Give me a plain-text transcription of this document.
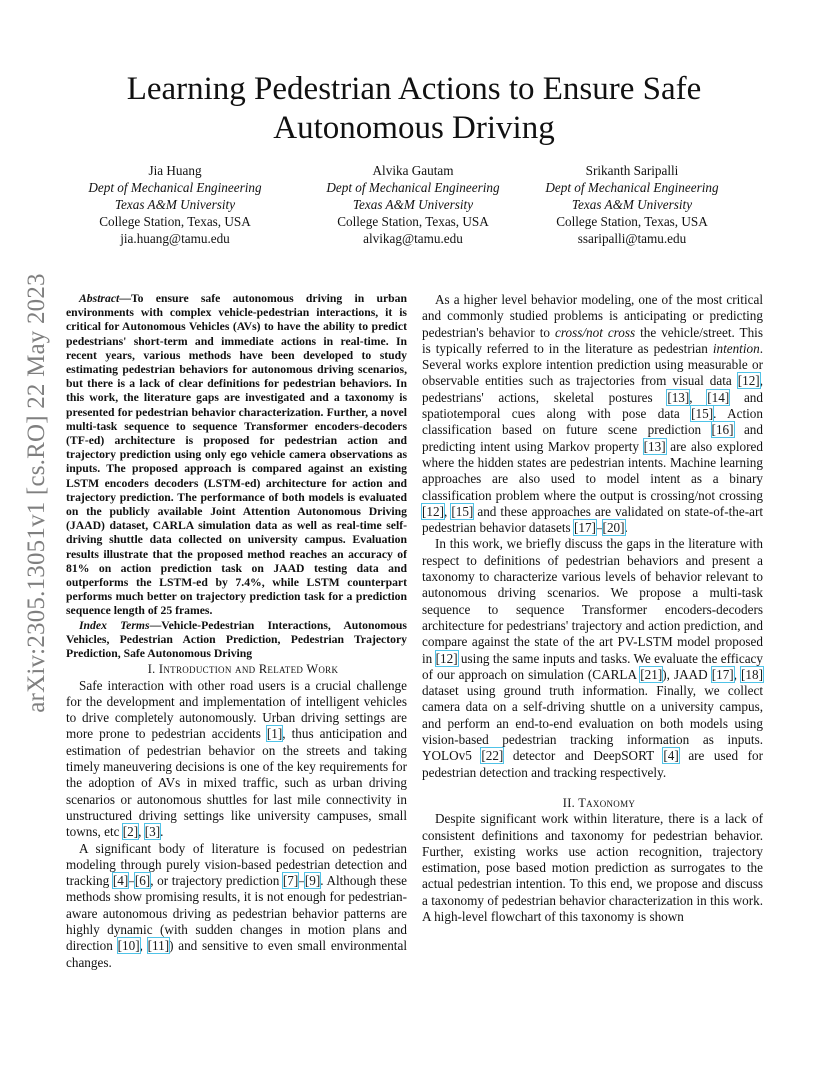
Learning Pedestrian Actions to Ensure Safe Autonomous Driving
Jia Huang
Dept of Mechanical Engineering
Texas A&M University
College Station, Texas, USA
jia.huang@tamu.edu
Alvika Gautam
Dept of Mechanical Engineering
Texas A&M University
College Station, Texas, USA
alvikag@tamu.edu
Srikanth Saripalli
Dept of Mechanical Engineering
Texas A&M University
College Station, Texas, USA
ssaripalli@tamu.edu
arXiv:2305.13051v1 [cs.RO] 22 May 2023	Abstract—To ensure safe autonomous driving in urban environments with complex vehicle-pedestrian interactions, it is critical for Autonomous Vehicles (AVs) to have the ability to predict pedestrians' short-term and immediate actions in real-time. In recent years, various methods have been developed to study estimating pedestrian behaviors for autonomous driving scenarios, but there is a lack of clear definitions for pedestrian behaviors. In this work, the literature gaps are investigated and a taxonomy is presented for pedestrian behavior characterization. Further, a novel multi-task sequence to sequence Transformer encoders-decoders (TF-ed) architecture is proposed for pedestrian action and trajectory prediction using only ego vehicle camera observations as inputs. The proposed approach is compared against an existing LSTM encoders decoders (LSTM-ed) architecture for action and trajectory prediction. The performance of both models is evaluated on the publicly available Joint Attention Autonomous Driving (JAAD) dataset, CARLA simulation data as well as real-time self-driving shuttle data collected on university campus. Evaluation results illustrate that the proposed method reaches an accuracy of 81% on action prediction task on JAAD testing data and outperforms the LSTM-ed by 7.4%, while LSTM counterpart performs much better on trajectory prediction task for a prediction sequence length of 25 frames.

Index Terms—Vehicle-Pedestrian Interactions, Autonomous Vehicles, Pedestrian Action Prediction, Pedestrian Trajectory Prediction, Safe Autonomous Driving

I. Introduction and Related Work

Safe interaction with other road users is a crucial challenge for the development and implementation of intelligent vehicles to drive completely autonomously. Urban driving settings are more prone to pedestrian accidents [1], thus anticipation and estimation of pedestrian behavior on the streets and taking timely maneuvering decisions is one of the key requirements for the adoption of AVs in mixed traffic, such as urban driving scenarios or autonomous shuttles for last mile connectivity in unstructured driving settings like university campuses, small towns, etc [2], [3].

A significant body of literature is focused on pedestrian modeling through purely vision-based pedestrian detection and tracking [4]–[6], or trajectory prediction [7]–[9]. Although these methods show promising results, it is not enough for pedestrian-aware autonomous driving as pedestrian behavior patterns are highly dynamic (with sudden changes in motion plans and direction [10], [11]) and sensitive to even small environmental changes.

As a higher level behavior modeling, one of the most critical and commonly studied problems is anticipating or predicting pedestrian's behavior to cross/not cross the vehicle/street. This is typically referred to in the literature as pedestrian intention. Several works explore intention prediction using measurable or observable entities such as trajectories from visual data [12], pedestrians' actions, skeletal postures [13], [14] and spatiotemporal cues along with pose data [15]. Action classification based on future scene prediction [16] and predicting intent using Markov property [13] are also explored where the hidden states are pedestrian intents. Machine learning approaches are also used to model intent as a binary classification problem where the output is crossing/not crossing [12], [15] and these approaches are validated on state-of-the-art pedestrian behavior datasets [17]–[20].

In this work, we briefly discuss the gaps in the literature with respect to definitions of pedestrian behaviors and present a taxonomy to characterize various levels of behavior relevant to autonomous driving scenarios. We propose a multi-task sequence to sequence Transformer encoders-decoders architecture for pedestrians' trajectory and action prediction, and compare against the state of the art PV-LSTM model proposed in [12] using the same inputs and tasks. We evaluate the efficacy of our approach on simulation (CARLA [21]), JAAD [17], [18] dataset using ground truth information. Finally, we collect camera data on a self-driving shuttle on a university campus, and perform an end-to-end evaluation on both models using vision-based pedestrian tracking information as inputs. YOLOv5 [22] detector and DeepSORT [4] are used for pedestrian detection and tracking respectively.

II. Taxonomy

Despite significant work within literature, there is a lack of consistent definitions and taxonomy for pedestrian behavior. Further, existing works use action recognition, trajectory estimation, pose based motion prediction as surrogates to the actual pedestrian intention. To this end, we propose and discuss a taxonomy of pedestrian behavior characterization in this work. A high-level flowchart of this taxonomy is shown
